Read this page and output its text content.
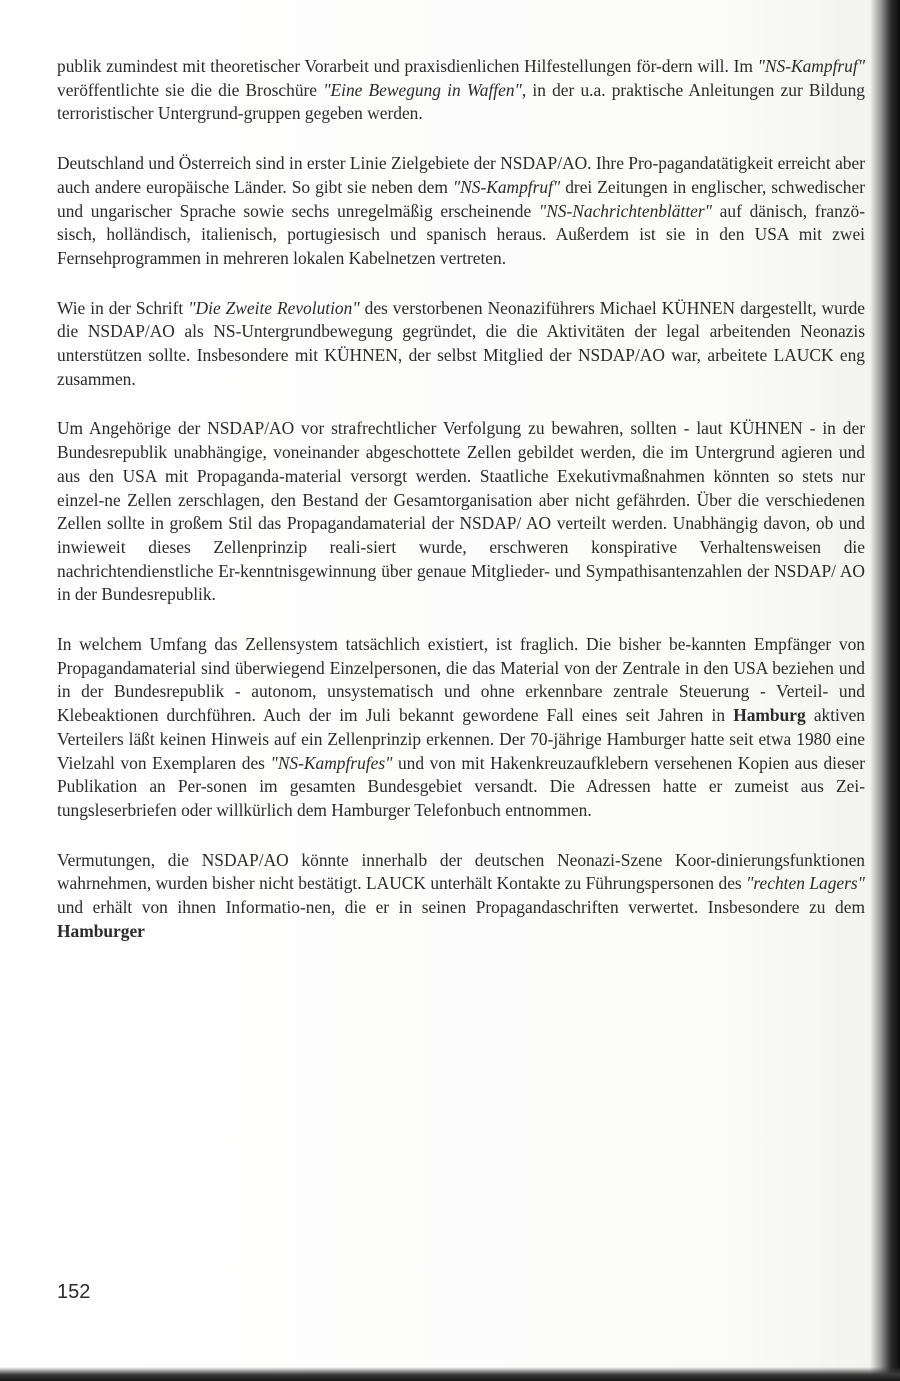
publik zumindest mit theoretischer Vorarbeit und praxisdienlichen Hilfestellungen för-dern will. Im "NS-Kampfruf" veröffentlichte sie die die Broschüre "Eine Bewegung in Waffen", in der u.a. praktische Anleitungen zur Bildung terroristischer Untergrund-gruppen gegeben werden.

Deutschland und Österreich sind in erster Linie Zielgebiete der NSDAP/AO. Ihre Pro-pagandatätigkeit erreicht aber auch andere europäische Länder. So gibt sie neben dem "NS-Kampfruf" drei Zeitungen in englischer, schwedischer und ungarischer Sprache sowie sechs unregelmäßig erscheinende "NS-Nachrichtenblätter" auf dänisch, franzö-sisch, holländisch, italienisch, portugiesisch und spanisch heraus. Außerdem ist sie in den USA mit zwei Fernsehprogrammen in mehreren lokalen Kabelnetzen vertreten.

Wie in der Schrift "Die Zweite Revolution" des verstorbenen Neonaziführers Michael KÜHNEN dargestellt, wurde die NSDAP/AO als NS-Untergrundbewegung gegründet, die die Aktivitäten der legal arbeitenden Neonazis unterstützen sollte. Insbesondere mit KÜHNEN, der selbst Mitglied der NSDAP/AO war, arbeitete LAUCK eng zusammen.

Um Angehörige der NSDAP/AO vor strafrechtlicher Verfolgung zu bewahren, sollten - laut KÜHNEN - in der Bundesrepublik unabhängige, voneinander abgeschottete Zellen gebildet werden, die im Untergrund agieren und aus den USA mit Propaganda-material versorgt werden. Staatliche Exekutivmaßnahmen könnten so stets nur einzel-ne Zellen zerschlagen, den Bestand der Gesamtorganisation aber nicht gefährden. Über die verschiedenen Zellen sollte in großem Stil das Propagandamaterial der NSDAP/ AO verteilt werden. Unabhängig davon, ob und inwieweit dieses Zellenprinzip reali-siert wurde, erschweren konspirative Verhaltensweisen die nachrichtendienstliche Er-kenntnisgewinnung über genaue Mitglieder- und Sympathisantenzahlen der NSDAP/ AO in der Bundesrepublik.

In welchem Umfang das Zellensystem tatsächlich existiert, ist fraglich. Die bisher be-kannten Empfänger von Propagandamaterial sind überwiegend Einzelpersonen, die das Material von der Zentrale in den USA beziehen und in der Bundesrepublik - autonom, unsystematisch und ohne erkennbare zentrale Steuerung - Verteil- und Klebeaktionen durchführen. Auch der im Juli bekannt gewordene Fall eines seit Jahren in Hamburg aktiven Verteilers läßt keinen Hinweis auf ein Zellenprinzip erkennen. Der 70-jährige Hamburger hatte seit etwa 1980 eine Vielzahl von Exemplaren des "NS-Kampfrufes" und von mit Hakenkreuzaufklebern versehenen Kopien aus dieser Publikation an Per-sonen im gesamten Bundesgebiet versandt. Die Adressen hatte er zumeist aus Zei-tungsleserbriefen oder willkürlich dem Hamburger Telefonbuch entnommen.

Vermutungen, die NSDAP/AO könnte innerhalb der deutschen Neonazi-Szene Koor-dinierungsfunktionen wahrnehmen, wurden bisher nicht bestätigt. LAUCK unterhält Kontakte zu Führungspersonen des "rechten Lagers" und erhält von ihnen Informatio-nen, die er in seinen Propagandaschriften verwertet. Insbesondere zu dem Hamburger

152
